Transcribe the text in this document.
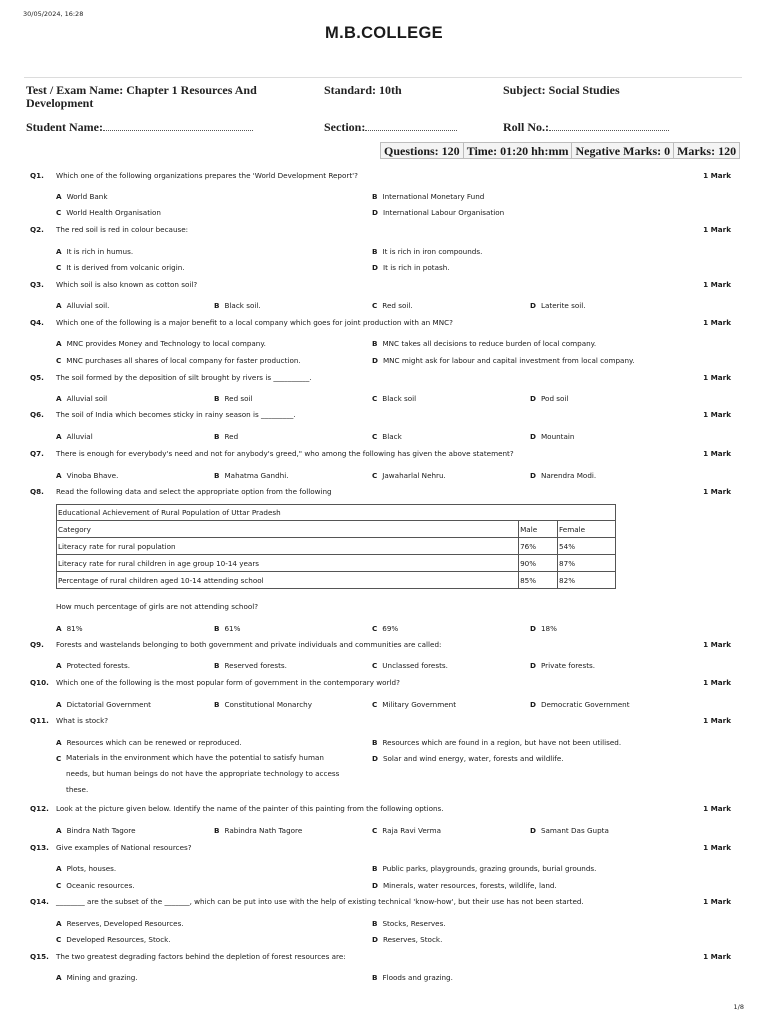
30/05/2024, 16:28
M.B.COLLEGE
Test / Exam Name: Chapter 1 Resources And Development
Standard: 10th	Subject: Social Studies
Student Name:	Section:	Roll No.:
Questions: 120 Time: 01:20 hh:mm Negative Marks: 0 Marks: 120
Q1. Which one of the following organizations prepares the 'World Development Report'?	1 Mark
A World Bank	B International Monetary Fund
C World Health Organisation	D International Labour Organisation
Q2. The red soil is red in colour because:	1 Mark
A It is rich in humus.	B It is rich in iron compounds.
C It is derived from volcanic origin.	D It is rich in potash.
Q3. Which soil is also known as cotton soil?	1 Mark
A Alluvial soil.	B Black soil.	C Red soil.	D Laterite soil.
Q4. Which one of the following is a major benefit to a local company which goes for joint production with an MNC?	1 Mark
A MNC provides Money and Technology to local company.	B MNC takes all decisions to reduce burden of local company.
C MNC purchases all shares of local company for faster production.	D MNC might ask for labour and capital investment from local company.
Q5. The soil formed by the deposition of silt brought by rivers is __________.	1 Mark
A Alluvial soil	B Red soil	C Black soil	D Pod soil
Q6. The soil of India which becomes sticky in rainy season is _________.	1 Mark
A Alluvial	B Red	C Black	D Mountain
Q7. There is enough for everybody's need and not for anybody's greed," who among the following has given the above statement?	1 Mark
A Vinoba Bhave.	B Mahatma Gandhi.	C Jawaharlal Nehru.	D Narendra Modi.
Q8. Read the following data and select the appropriate option from the following	1 Mark
Educational Achievement of Rural Population of Uttar Pradesh		
Category	Male	Female
Literacy rate for rural population	76%	54%
Literacy rate for rural children in age group 10-14 years	90%	87%
Percentage of rural children aged 10-14 attending school	85%	82%
How much percentage of girls are not attending school?
A 81%	B 61%	C 69%	D 18%
Q9. Forests and wastelands belonging to both government and private individuals and communities are called:	1 Mark
A Protected forests.	B Reserved forests.	C Unclassed forests.	D Private forests.
Q10. Which one of the following is the most popular form of government in the contemporary world?	1 Mark
A Dictatorial Government	B Constitutional Monarchy	C Military Government	D Democratic Government
Q11. What is stock?	1 Mark
A Resources which can be renewed or reproduced.	B Resources which are found in a region, but have not been utilised.
C Materials in the environment which have the potential to satisfy human needs, but human beings do not have the appropriate technology to access these.
D Solar and wind energy, water, forests and wildlife.
Q12. Look at the picture given below. Identify the name of the painter of this painting from the following options.	1 Mark
A Bindra Nath Tagore	B Rabindra Nath Tagore	C Raja Ravi Verma	D Samant Das Gupta
Q13. Give examples of National resources?	1 Mark
A Plots, houses.	B Public parks, playgrounds, grazing grounds, burial grounds.
C Oceanic resources.	D Minerals, water resources, forests, wildlife, land.
Q14. ________ are the subset of the _______, which can be put into use with the help of existing technical 'know-how', but their use has not been started.	1 Mark
A Reserves, Developed Resources.	B Stocks, Reserves.
C Developed Resources, Stock.	D Reserves, Stock.
Q15. The two greatest degrading factors behind the depletion of forest resources are:	1 Mark
A Mining and grazing.	B Floods and grazing.
1/8
